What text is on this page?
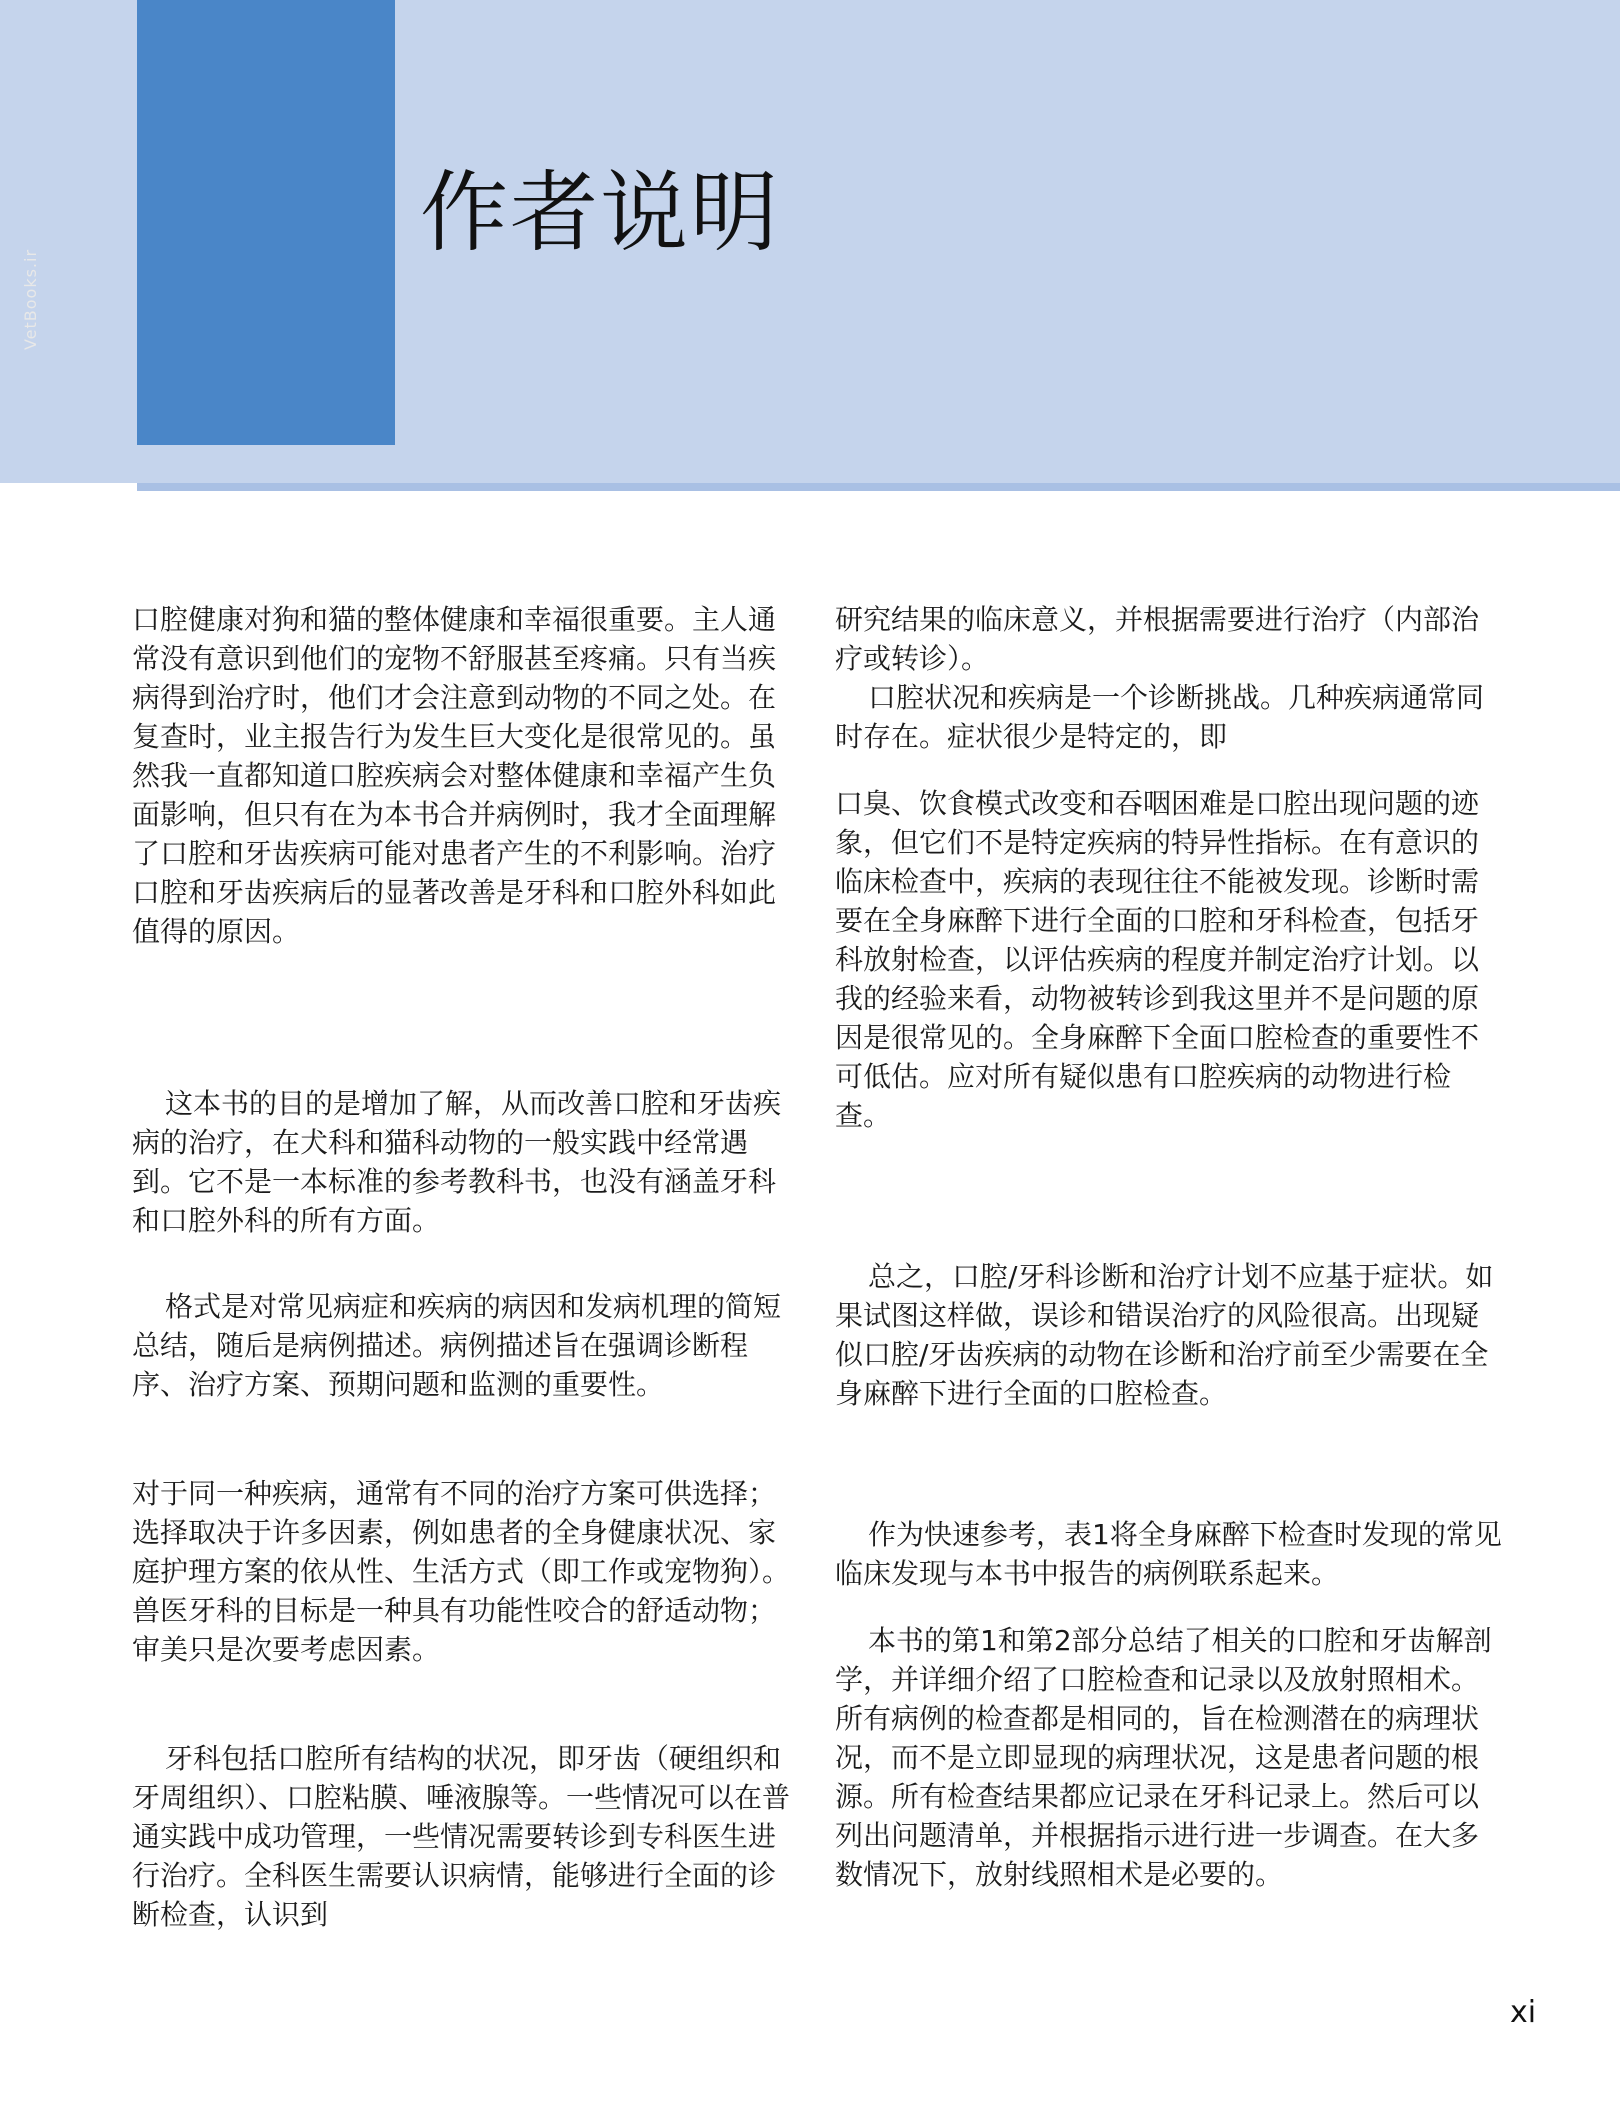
作者说明
VetBooks.ir

口腔健康对狗和猫的整体健康和幸福很重要。主人通常没有意识到他们的宠物不舒服甚至疼痛。只有当疾病得到治疗时，他们才会注意到动物的不同之处。在复查时，业主报告行为发生巨大变化是很常见的。虽然我一直都知道口腔疾病会对整体健康和幸福产生负面影响，但只有在为本书合并病例时，我才全面理解了口腔和牙齿疾病可能对患者产生的不利影响。治疗口腔和牙齿疾病后的显著改善是牙科和口腔外科如此值得的原因。

这本书的目的是增加了解，从而改善口腔和牙齿疾病的治疗，在犬科和猫科动物的一般实践中经常遇到。它不是一本标准的参考教科书，也没有涵盖牙科和口腔外科的所有方面。

格式是对常见病症和疾病的病因和发病机理的简短总结，随后是病例描述。病例描述旨在强调诊断程序、治疗方案、预期问题和监测的重要性。

对于同一种疾病，通常有不同的治疗方案可供选择；选择取决于许多因素，例如患者的全身健康状况、家庭护理方案的依从性、生活方式（即工作或宠物狗）。兽医牙科的目标是一种具有功能性咬合的舒适动物；审美只是次要考虑因素。

牙科包括口腔所有结构的状况，即牙齿（硬组织和牙周组织）、口腔粘膜、唾液腺等。一些情况可以在普通实践中成功管理，一些情况需要转诊到专科医生进行治疗。全科医生需要认识病情，能够进行全面的诊断检查，认识到

研究结果的临床意义，并根据需要进行治疗（内部治疗或转诊）。

口腔状况和疾病是一个诊断挑战。几种疾病通常同时存在。症状很少是特定的，即

口臭、饮食模式改变和吞咽困难是口腔出现问题的迹象，但它们不是特定疾病的特异性指标。在有意识的临床检查中，疾病的表现往往不能被发现。诊断时需要在全身麻醉下进行全面的口腔和牙科检查，包括牙科放射检查，以评估疾病的程度并制定治疗计划。以我的经验来看，动物被转诊到我这里并不是问题的原因是很常见的。全身麻醉下全面口腔检查的重要性不可低估。应对所有疑似患有口腔疾病的动物进行检查。

总之，口腔/牙科诊断和治疗计划不应基于症状。如果试图这样做，误诊和错误治疗的风险很高。出现疑似口腔/牙齿疾病的动物在诊断和治疗前至少需要在全身麻醉下进行全面的口腔检查。

作为快速参考，表1将全身麻醉下检查时发现的常见临床发现与本书中报告的病例联系起来。

本书的第1和第2部分总结了相关的口腔和牙齿解剖学，并详细介绍了口腔检查和记录以及放射照相术。所有病例的检查都是相同的，旨在检测潜在的病理状况，而不是立即显现的病理状况，这是患者问题的根源。所有检查结果都应记录在牙科记录上。然后可以列出问题清单，并根据指示进行进一步调查。在大多数情况下，放射线照相术是必要的。

xi
